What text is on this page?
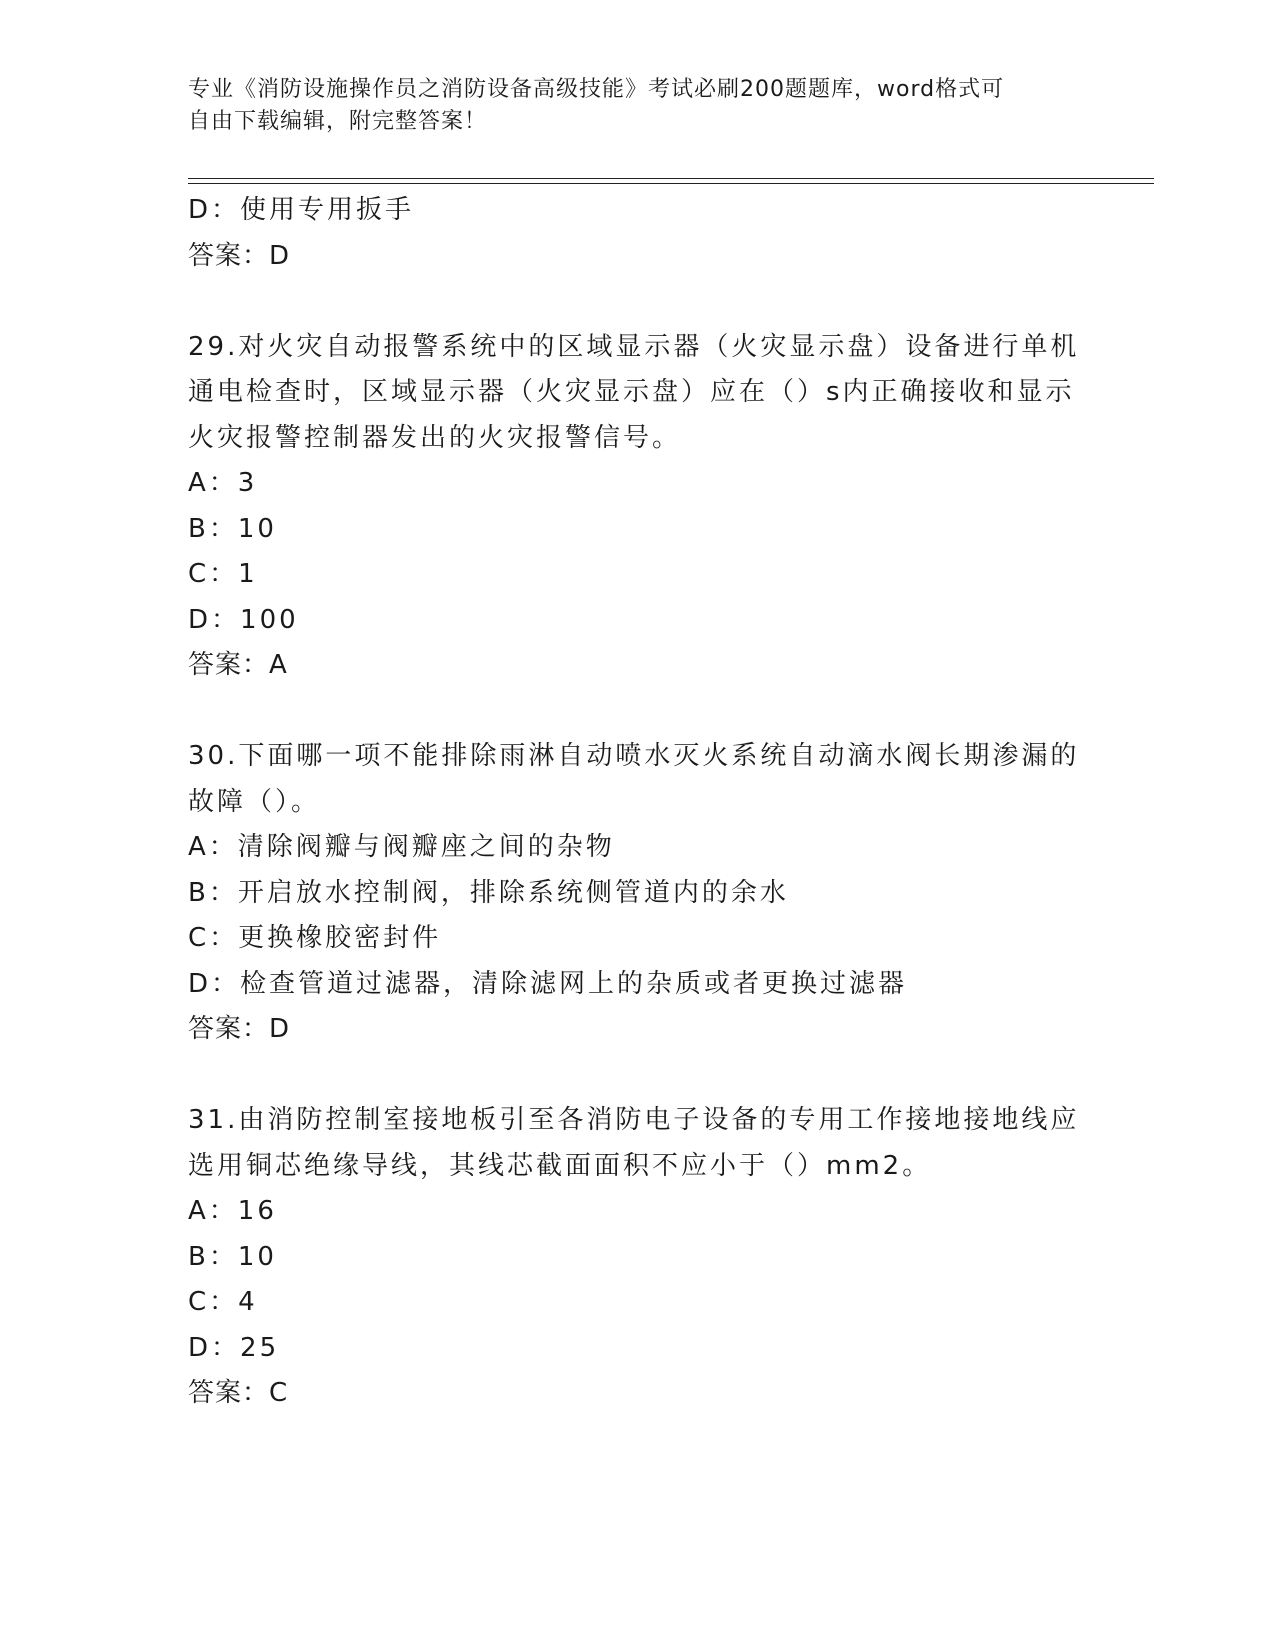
专业《消防设施操作员之消防设备高级技能》考试必刷200题题库，word格式可
自由下载编辑，附完整答案！
D：使用专用扳手
答案：D
29.对火灾自动报警系统中的区域显示器（火灾显示盘）设备进行单机
通电检查时，区域显示器（火灾显示盘）应在（）s内正确接收和显示
火灾报警控制器发出的火灾报警信号。
A：3
B：10
C：1
D：100
答案：A
30.下面哪一项不能排除雨淋自动喷水灭火系统自动滴水阀长期渗漏的
故障（）。
A：清除阀瓣与阀瓣座之间的杂物
B：开启放水控制阀，排除系统侧管道内的余水
C：更换橡胶密封件
D：检查管道过滤器，清除滤网上的杂质或者更换过滤器
答案：D
31.由消防控制室接地板引至各消防电子设备的专用工作接地接地线应
选用铜芯绝缘导线，其线芯截面面积不应小于（）mm2。
A：16
B：10
C：4
D：25
答案：C
